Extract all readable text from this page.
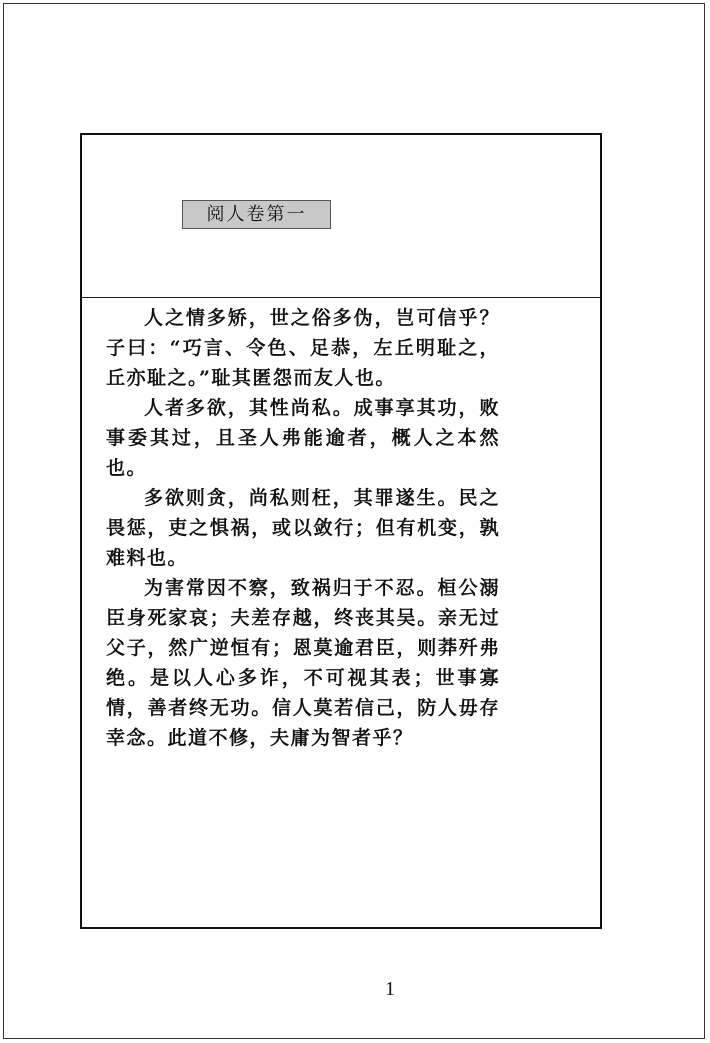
阅人卷第一

人之情多矫，世之俗多伪，岂可信乎？子曰：“巧言、令色、足恭，左丘明耻之，丘亦耻之。”耻其匿怨而友人也。

人者多欲，其性尚私。成事享其功，败事委其过，且圣人弗能逾者，概人之本然也。

多欲则贪，尚私则枉，其罪遂生。民之畏惩，吏之惧祸，或以敛行；但有机变，孰难料也。

为害常因不察，致祸归于不忍。桓公溺臣身死家哀；夫差存越，终丧其吴。亲无过父子，然广逆恒有；恩莫逾君臣，则莽歼弗绝。是以人心多诈，不可视其表；世事寡情，善者终无功。信人莫若信己，防人毋存幸念。此道不修，夫庸为智者乎？

1
